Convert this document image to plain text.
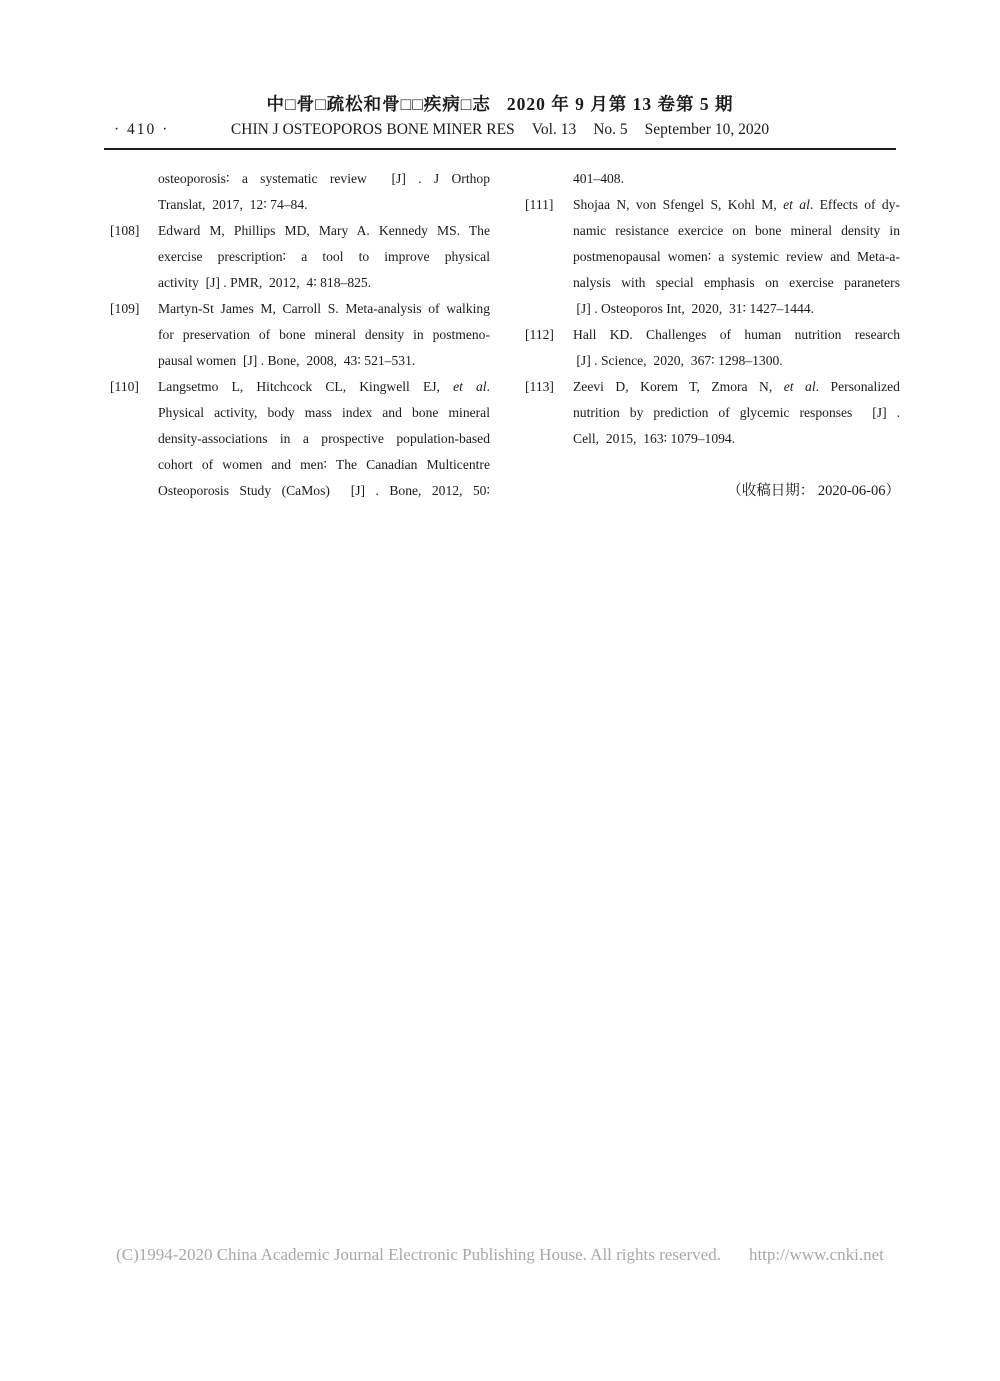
中□骨□疏松和骨□□疾病□志 2020 年 9 月第 13 卷第 5 期
· 410 ·	CHIN J OSTEOPOROS BONE MINER RES Vol. 13 No. 5 September 10, 2020
osteoporosis∶ a systematic review  [J] . J Orthop
Translat,  2017,  12∶ 74–84.
[108] Edward M, Phillips MD, Mary A. Kennedy MS. The
exercise prescription∶ a tool to improve physical
activity  [J] . PMR,  2012,  4∶ 818–825.
[109] Martyn-St James M, Carroll S. Meta-analysis of walking
for preservation of bone mineral density in postmeno-
pausal women  [J] . Bone,  2008,  43∶ 521–531.
[110] Langsetmo L, Hitchcock CL, Kingwell EJ, et al.
Physical activity, body mass index and bone mineral
density-associations in a prospective population-based
cohort of women and men∶ The Canadian Multicentre
Osteoporosis Study (CaMos)  [J] . Bone, 2012, 50∶
401–408.
[111] Shojaa N, von Sfengel S, Kohl M, et al. Effects of dy-
namic resistance exercice on bone mineral density in
postmenopausal women∶ a systemic review and Meta-a-
nalysis with special emphasis on exercise paraneters
[J] . Osteoporos Int,  2020,  31∶ 1427–1444.
[112] Hall KD. Challenges of human nutrition research
[J] . Science,  2020,  367∶ 1298–1300.
[113] Zeevi D, Korem T, Zmora N, et al. Personalized
nutrition by prediction of glycemic responses  [J] .
Cell,  2015,  163∶ 1079–1094.
（收稿日期： 2020-06-06）
(C)1994-2020 China Academic Journal Electronic Publishing House. All rights reserved. http://www.cnki.net
